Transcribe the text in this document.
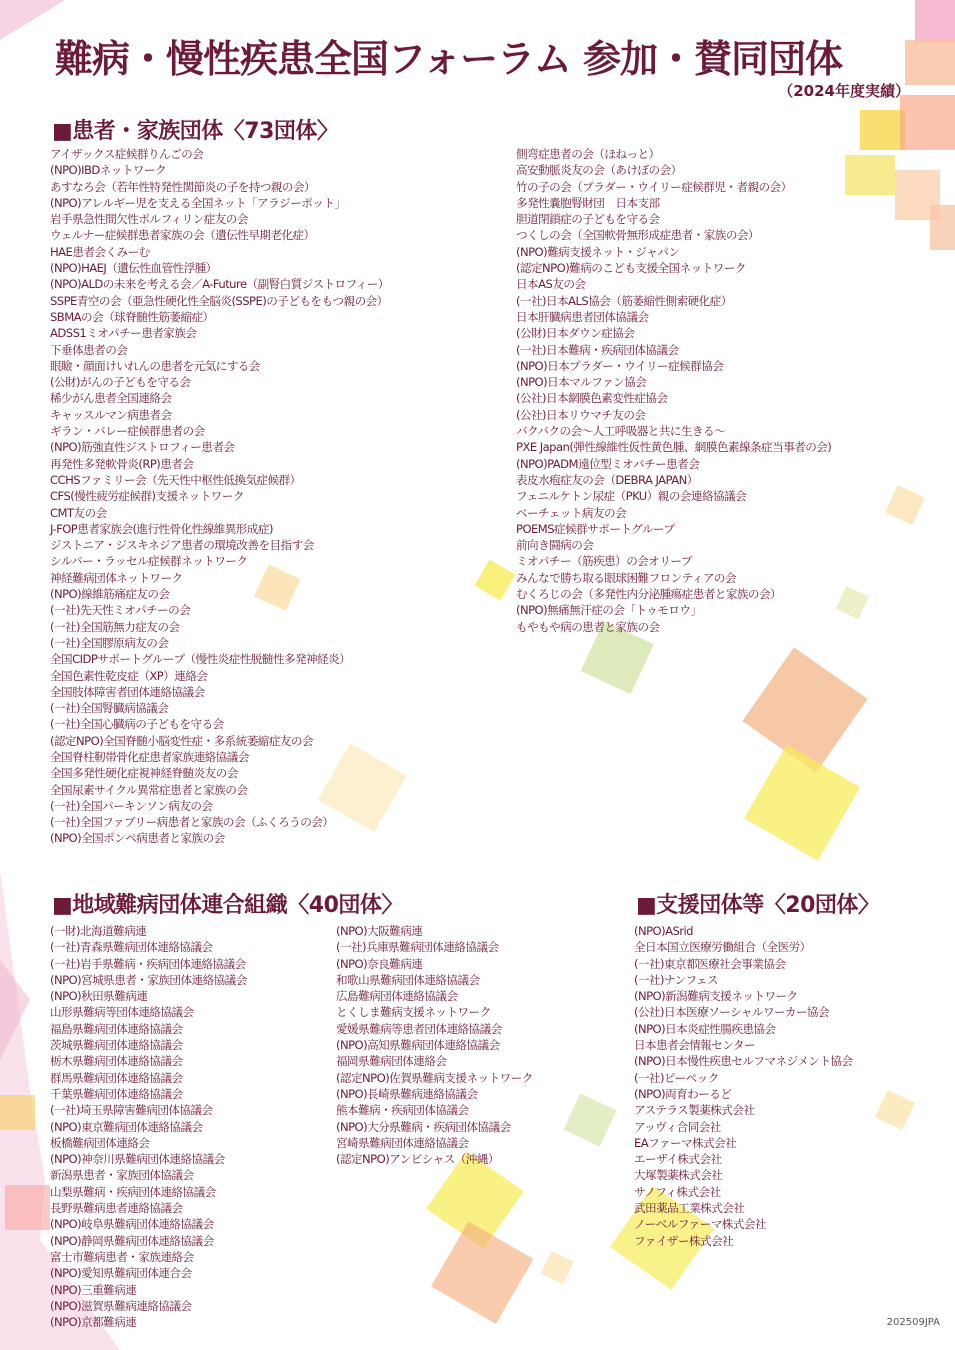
難病・慢性疾患全国フォーラム 参加・賛同団体
（2024年度実績）
■患者・家族団体〈73団体〉
アイザックス症候群りんごの会
(NPO)IBDネットワーク
あすなろ会（若年性特発性関節炎の子を持つ親の会）
(NPO)アレルギー児を支える全国ネット「アラジーポット」
岩手県急性間欠性ポルフィリン症友の会
ウェルナー症候群患者家族の会（遺伝性早期老化症）
HAE患者会くみーむ
(NPO)HAEJ（遺伝性血管性浮腫）
(NPO)ALDの未来を考える会／A-Future（副腎白質ジストロフィー）
SSPE青空の会（亜急性硬化性全脳炎(SSPE)の子どもをもつ親の会）
SBMAの会（球脊髄性筋萎縮症）
ADSS1ミオパチー患者家族会
下垂体患者の会
眼瞼・顔面けいれんの患者を元気にする会
(公財)がんの子どもを守る会
稀少がん患者全国連絡会
キャッスルマン病患者会
ギラン・バレー症候群患者の会
(NPO)筋強直性ジストロフィー患者会
再発性多発軟骨炎(RP)患者会
CCHSファミリー会（先天性中枢性低換気症候群）
CFS(慢性疲労症候群)支援ネットワーク
CMT友の会
J-FOP患者家族会(進行性骨化性線維異形成症)
ジストニア・ジスキネジア患者の環境改善を目指す会
シルバー・ラッセル症候群ネットワーク
神経難病団体ネットワーク
(NPO)線維筋痛症友の会
(一社)先天性ミオパチーの会
(一社)全国筋無力症友の会
(一社)全国膠原病友の会
全国CIDPサポートグループ（慢性炎症性脱髄性多発神経炎）
全国色素性乾皮症（XP）連絡会
全国肢体障害者団体連絡協議会
(一社)全国腎臓病協議会
(一社)全国心臓病の子どもを守る会
(認定NPO)全国脊髄小脳変性症・多系統萎縮症友の会
全国脊柱靭帯骨化症患者家族連絡協議会
全国多発性硬化症視神経脊髄炎友の会
全国尿素サイクル異常症患者と家族の会
(一社)全国パーキンソン病友の会
(一社)全国ファブリー病患者と家族の会（ふくろうの会）
(NPO)全国ポンペ病患者と家族の会
側弯症患者の会（ほねっと）
高安動脈炎友の会（あけぼの会）
竹の子の会（プラダー・ウイリー症候群児・者親の会）
多発性嚢胞腎財団　日本支部
胆道閉鎖症の子どもを守る会
つくしの会（全国軟骨無形成症患者・家族の会）
(NPO)難病支援ネット・ジャパン
(認定NPO)難病のこども支援全国ネットワーク
日本AS友の会
(一社)日本ALS協会（筋萎縮性側索硬化症）
日本肝臓病患者団体協議会
(公財)日本ダウン症協会
(一社)日本難病・疾病団体協議会
(NPO)日本プラダー・ウイリー症候群協会
(NPO)日本マルファン協会
(公社)日本網膜色素変性症協会
(公社)日本リウマチ友の会
バクバクの会～人工呼吸器と共に生きる～
PXE Japan(弾性線維性仮性黄色腫、網膜色素線条症当事者の会)
(NPO)PADM遠位型ミオパチー患者会
表皮水疱症友の会（DEBRA JAPAN）
フェニルケトン尿症（PKU）親の会連絡協議会
ベーチェット病友の会
POEMS症候群サポートグループ
前向き闘病の会
ミオパチー（筋疾患）の会オリーブ
みんなで勝ち取る眼球困難フロンティアの会
むくろじの会（多発性内分泌腫瘍症患者と家族の会）
(NPO)無痛無汗症の会「トゥモロウ」
もやもや病の患者と家族の会
■地域難病団体連合組織〈40団体〉
(一財)北海道難病連
(一社)青森県難病団体連絡協議会
(一社)岩手県難病・疾病団体連絡協議会
(NPO)宮城県患者・家族団体連絡協議会
(NPO)秋田県難病連
山形県難病等団体連絡協議会
福島県難病団体連絡協議会
茨城県難病団体連絡協議会
栃木県難病団体連絡協議会
群馬県難病団体連絡協議会
千葉県難病団体連絡協議会
(一社)埼玉県障害難病団体協議会
(NPO)東京難病団体連絡協議会
板橋難病団体連絡会
(NPO)神奈川県難病団体連絡協議会
新潟県患者・家族団体協議会
山梨県難病・疾病団体連絡協議会
長野県難病患者連絡協議会
(NPO)岐阜県難病団体連絡協議会
(NPO)静岡県難病団体連絡協議会
富士市難病患者・家族連絡会
(NPO)愛知県難病団体連合会
(NPO)三重難病連
(NPO)滋賀県難病連絡協議会
(NPO)京都難病連
(NPO)大阪難病連
(一社)兵庫県難病団体連絡協議会
(NPO)奈良難病連
和歌山県難病団体連絡協議会
広島難病団体連絡協議会
とくしま難病支援ネットワーク
愛媛県難病等患者団体連絡協議会
(NPO)高知県難病団体連絡協議会
福岡県難病団体連絡会
(認定NPO)佐賀県難病支援ネットワーク
(NPO)長崎県難病連絡協議会
熊本難病・疾病団体協議会
(NPO)大分県難病・疾病団体協議会
宮崎県難病団体連絡協議会
(認定NPO)アンビシャス（沖縄）
■支援団体等〈20団体〉
(NPO)ASrid
全日本国立医療労働組合（全医労）
(一社)東京都医療社会事業協会
(一社)ナンフェス
(NPO)新潟難病支援ネットワーク
(公社)日本医療ソーシャルワーカー協会
(NPO)日本炎症性腸疾患協会
日本患者会情報センター
(NPO)日本慢性疾患セルフマネジメント協会
(一社)ピーペック
(NPO)両育わーるど
アステラス製薬株式会社
アッヴィ合同会社
EAファーマ株式会社
エーザイ株式会社
大塚製薬株式会社
サノフィ株式会社
武田薬品工業株式会社
ノーベルファーマ株式会社
ファイザー株式会社
202509JPA
